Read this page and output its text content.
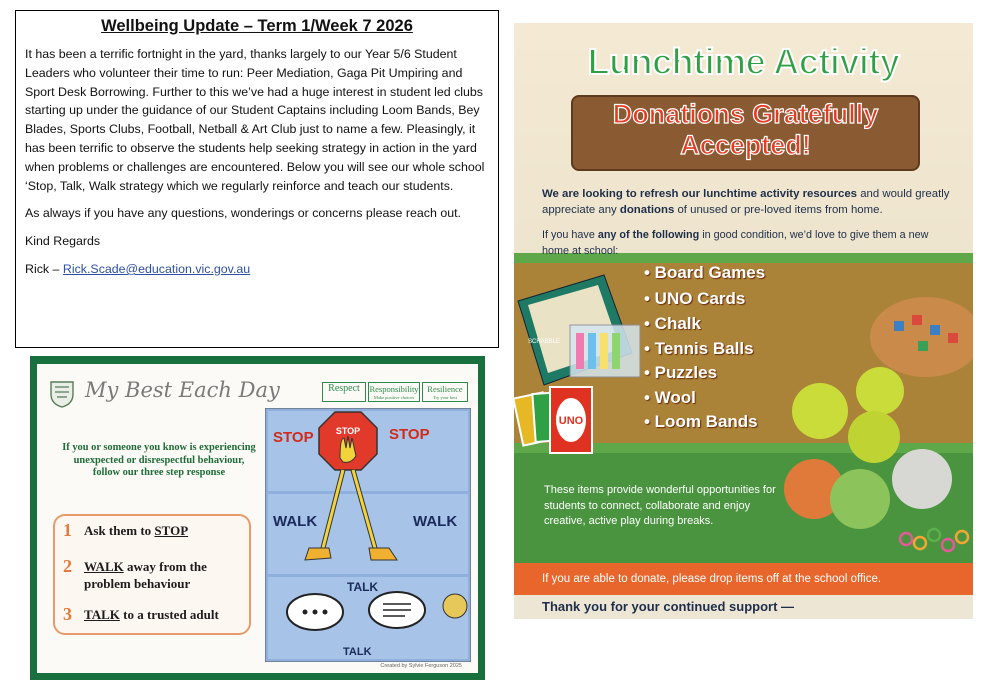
Wellbeing Update – Term 1/Week 7 2026

It has been a terrific fortnight in the yard, thanks largely to our Year 5/6 Student Leaders who volunteer their time to run: Peer Mediation, Gaga Pit Umpiring and Sport Desk Borrowing. Further to this we’ve had a huge interest in student led clubs starting up under the guidance of our Student Captains including Loom Bands, Bey Blades, Sports Clubs, Football, Netball & Art Club just to name a few. Pleasingly, it has been terrific to observe the students help seeking strategy in action in the yard when problems or challenges are encountered. Below you will see our whole school ‘Stop, Talk, Walk strategy which we regularly reinforce and teach our students.

As always if you have any questions, wonderings or concerns please reach out.

Kind Regards

Rick – Rick.Scade@education.vic.gov.au

My Best Each Day	Respect	Responsibility
Make positive choices
Resilience
Try your best
If you or someone you know is experiencing unexpected or disrespectful behaviour, follow our three step response
1 Ask them to STOP
2 WALK away from the problem behaviour
3 TALK to a trusted adult
STOP
STOP	STOP
WALK	WALK
TALK
TALK
Created by Sylvie Ferguson 2025
SCRABBLE
UNO
Lunchtime Activity
Donations Gratefully
Accepted!
We are looking to refresh our lunchtime activity resources and would greatly appreciate any donations of unused or pre-loved items from home.
If you have any of the following in good condition, we’d love to give them a new home at school:
• Board Games
• UNO Cards
• Chalk
• Tennis Balls
• Puzzles
• Wool
• Loom Bands
These items provide wonderful opportunities for students to connect, collaborate and enjoy creative, active play during breaks.
If you are able to donate, please drop items off at the school office.
Thank you for your continued support —
